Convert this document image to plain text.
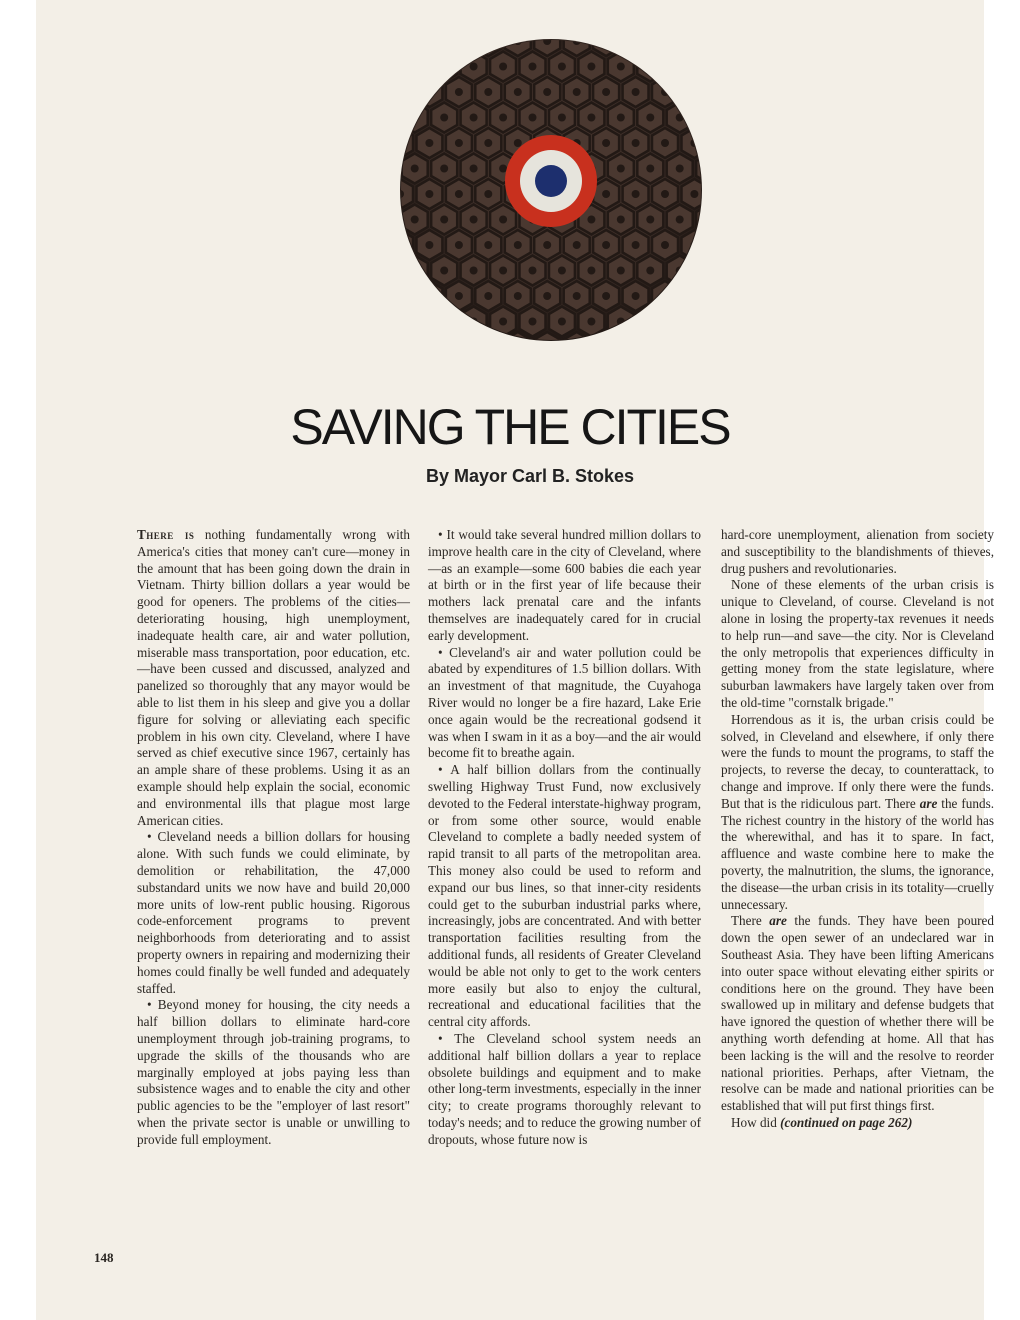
SAVING THE CITIES
By Mayor Carl B. Stokes

There is nothing fundamentally wrong with America's cities that money can't cure—money in the amount that has been going down the drain in Vietnam. Thirty billion dollars a year would be good for openers. The problems of the cities—deteriorating housing, high unemployment, inadequate health care, air and water pollution, miserable mass transportation, poor education, etc.—have been cussed and discussed, analyzed and panelized so thoroughly that any mayor would be able to list them in his sleep and give you a dollar figure for solving or alleviating each specific problem in his own city. Cleveland, where I have served as chief executive since 1967, certainly has an ample share of these problems. Using it as an example should help explain the social, economic and environmental ills that plague most large American cities.

• Cleveland needs a billion dollars for housing alone. With such funds we could eliminate, by demolition or rehabilitation, the 47,000 substandard units we now have and build 20,000 more units of low-rent public housing. Rigorous code-enforcement programs to prevent neighborhoods from deteriorating and to assist property owners in repairing and modernizing their homes could finally be well funded and adequately staffed.

• Beyond money for housing, the city needs a half billion dollars to eliminate hard-core unemployment through job-training programs, to upgrade the skills of the thousands who are marginally employed at jobs paying less than subsistence wages and to enable the city and other public agencies to be the "employer of last resort" when the private sector is unable or unwilling to provide full employment.

• It would take several hundred million dollars to improve health care in the city of Cleveland, where—as an example—some 600 babies die each year at birth or in the first year of life because their mothers lack prenatal care and the infants themselves are inadequately cared for in crucial early development.

• Cleveland's air and water pollution could be abated by expenditures of 1.5 billion dollars. With an investment of that magnitude, the Cuyahoga River would no longer be a fire hazard, Lake Erie once again would be the recreational godsend it was when I swam in it as a boy—and the air would become fit to breathe again.

• A half billion dollars from the continually swelling Highway Trust Fund, now exclusively devoted to the Federal interstate-highway program, or from some other source, would enable Cleveland to complete a badly needed system of rapid transit to all parts of the metropolitan area. This money also could be used to reform and expand our bus lines, so that inner-city residents could get to the suburban industrial parks where, increasingly, jobs are concentrated. And with better transportation facilities resulting from the additional funds, all residents of Greater Cleveland would be able not only to get to the work centers more easily but also to enjoy the cultural, recreational and educational facilities that the central city affords.

• The Cleveland school system needs an additional half billion dollars a year to replace obsolete buildings and equipment and to make other long-term investments, especially in the inner city; to create programs thoroughly relevant to today's needs; and to reduce the growing number of dropouts, whose future now is

hard-core unemployment, alienation from society and susceptibility to the blandishments of thieves, drug pushers and revolutionaries.

None of these elements of the urban crisis is unique to Cleveland, of course. Cleveland is not alone in losing the property-tax revenues it needs to help run—and save—the city. Nor is Cleveland the only metropolis that experiences difficulty in getting money from the state legislature, where suburban lawmakers have largely taken over from the old-time "cornstalk brigade."

Horrendous as it is, the urban crisis could be solved, in Cleveland and elsewhere, if only there were the funds to mount the programs, to staff the projects, to reverse the decay, to counterattack, to change and improve. If only there were the funds. But that is the ridiculous part. There are the funds. The richest country in the history of the world has the wherewithal, and has it to spare. In fact, affluence and waste combine here to make the poverty, the malnutrition, the slums, the ignorance, the disease—the urban crisis in its totality—cruelly unnecessary.

There are the funds. They have been poured down the open sewer of an undeclared war in Southeast Asia. They have been lifting Americans into outer space without elevating either spirits or conditions here on the ground. They have been swallowed up in military and defense budgets that have ignored the question of whether there will be anything worth defending at home. All that has been lacking is the will and the resolve to reorder national priorities. Perhaps, after Vietnam, the resolve can be made and national priorities can be established that will put first things first.

How did (continued on page 262)

148
